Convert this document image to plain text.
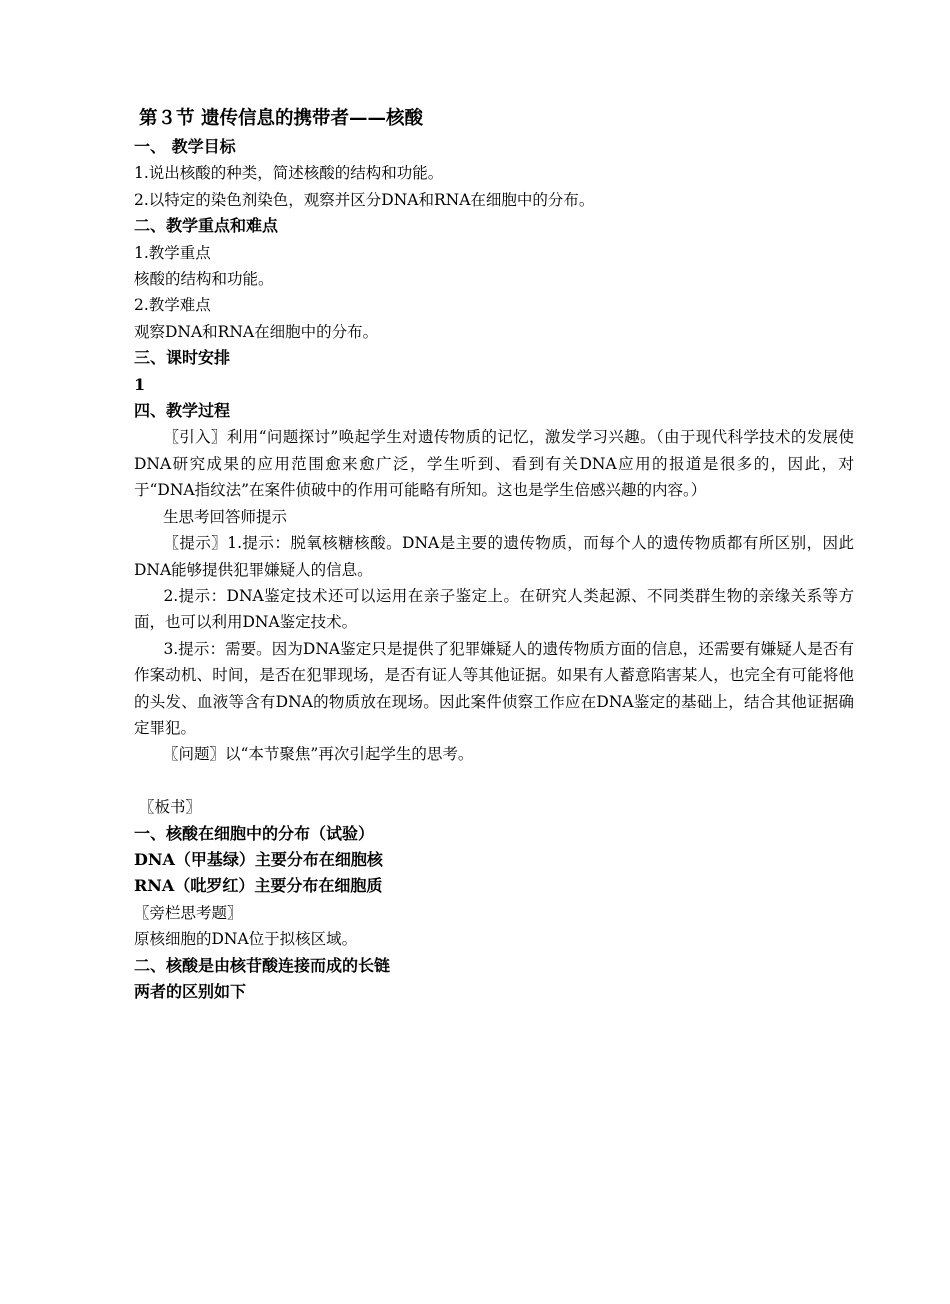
第３节 遗传信息的携带者——核酸
一、 教学目标
1.说出核酸的种类，简述核酸的结构和功能。
2.以特定的染色剂染色，观察并区分DNA和RNA在细胞中的分布。
二、教学重点和难点
1.教学重点
核酸的结构和功能。
2.教学难点
观察DNA和RNA在细胞中的分布。
三、课时安排
1
四、教学过程
〖引入〗利用“问题探讨”唤起学生对遗传物质的记忆，激发学习兴趣。（由于现代科学技术的发展使DNA研究成果的应用范围愈来愈广泛，学生听到、看到有关DNA应用的报道是很多的，因此，对于“DNA指纹法”在案件侦破中的作用可能略有所知。这也是学生倍感兴趣的内容。）
生思考回答师提示
〖提示〗1.提示：脱氧核糖核酸。DNA是主要的遗传物质，而每个人的遗传物质都有所区别，因此DNA能够提供犯罪嫌疑人的信息。
2.提示：DNA鉴定技术还可以运用在亲子鉴定上。在研究人类起源、不同类群生物的亲缘关系等方面，也可以利用DNA鉴定技术。
3.提示：需要。因为DNA鉴定只是提供了犯罪嫌疑人的遗传物质方面的信息，还需要有嫌疑人是否有作案动机、时间，是否在犯罪现场，是否有证人等其他证据。如果有人蓄意陷害某人，也完全有可能将他的头发、血液等含有DNA的物质放在现场。因此案件侦察工作应在DNA鉴定的基础上，结合其他证据确定罪犯。
〖问题〗以“本节聚焦”再次引起学生的思考。
〖板书〗
一、核酸在细胞中的分布（试验）
DNA（甲基绿）主要分布在细胞核
RNA（吡罗红）主要分布在细胞质
〖旁栏思考题〗
原核细胞的DNA位于拟核区域。
二、核酸是由核苷酸连接而成的长链
两者的区别如下
